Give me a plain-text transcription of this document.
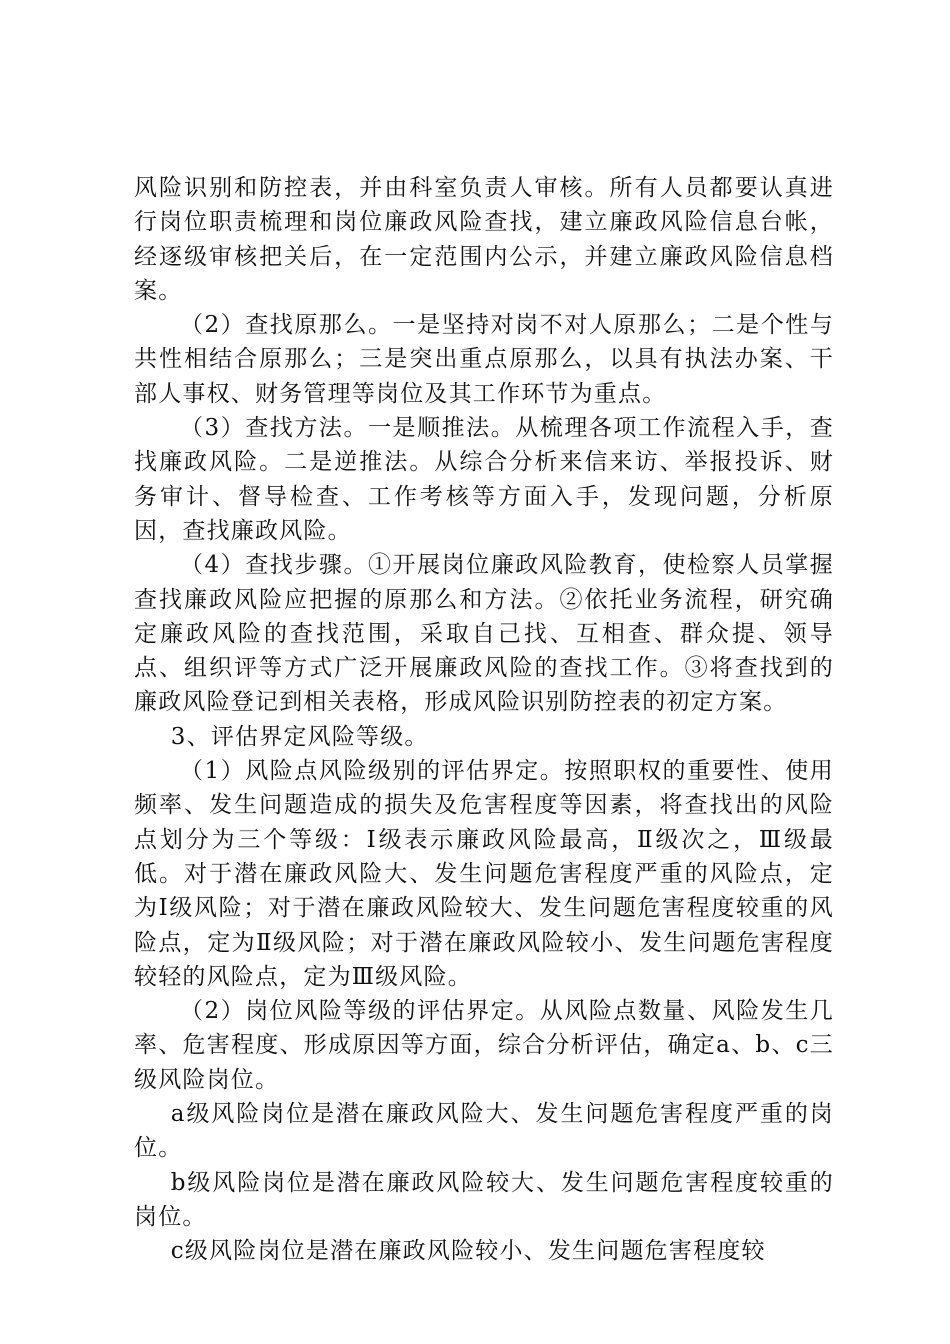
风险识别和防控表，并由科室负责人审核。所有人员都要认真进行岗位职责梳理和岗位廉政风险查找，建立廉政风险信息台帐，经逐级审核把关后，在一定范围内公示，并建立廉政风险信息档案。

（2）查找原那么。一是坚持对岗不对人原那么；二是个性与共性相结合原那么；三是突出重点原那么，以具有执法办案、干部人事权、财务管理等岗位及其工作环节为重点。

（3）查找方法。一是顺推法。从梳理各项工作流程入手，查找廉政风险。二是逆推法。从综合分析来信来访、举报投诉、财务审计、督导检查、工作考核等方面入手，发现问题，分析原因，查找廉政风险。

（4）查找步骤。①开展岗位廉政风险教育，使检察人员掌握查找廉政风险应把握的原那么和方法。②依托业务流程，研究确定廉政风险的查找范围，采取自己找、互相查、群众提、领导点、组织评等方式广泛开展廉政风险的查找工作。③将查找到的廉政风险登记到相关表格，形成风险识别防控表的初定方案。

3、评估界定风险等级。

（1）风险点风险级别的评估界定。按照职权的重要性、使用频率、发生问题造成的损失及危害程度等因素，将查找出的风险点划分为三个等级：Ⅰ级表示廉政风险最高，Ⅱ级次之，Ⅲ级最低。对于潜在廉政风险大、发生问题危害程度严重的风险点，定为Ⅰ级风险；对于潜在廉政风险较大、发生问题危害程度较重的风险点，定为Ⅱ级风险；对于潜在廉政风险较小、发生问题危害程度较轻的风险点，定为Ⅲ级风险。

（2）岗位风险等级的评估界定。从风险点数量、风险发生几率、危害程度、形成原因等方面，综合分析评估，确定a、b、c三级风险岗位。

a级风险岗位是潜在廉政风险大、发生问题危害程度严重的岗位。

b级风险岗位是潜在廉政风险较大、发生问题危害程度较重的岗位。

c级风险岗位是潜在廉政风险较小、发生问题危害程度较
